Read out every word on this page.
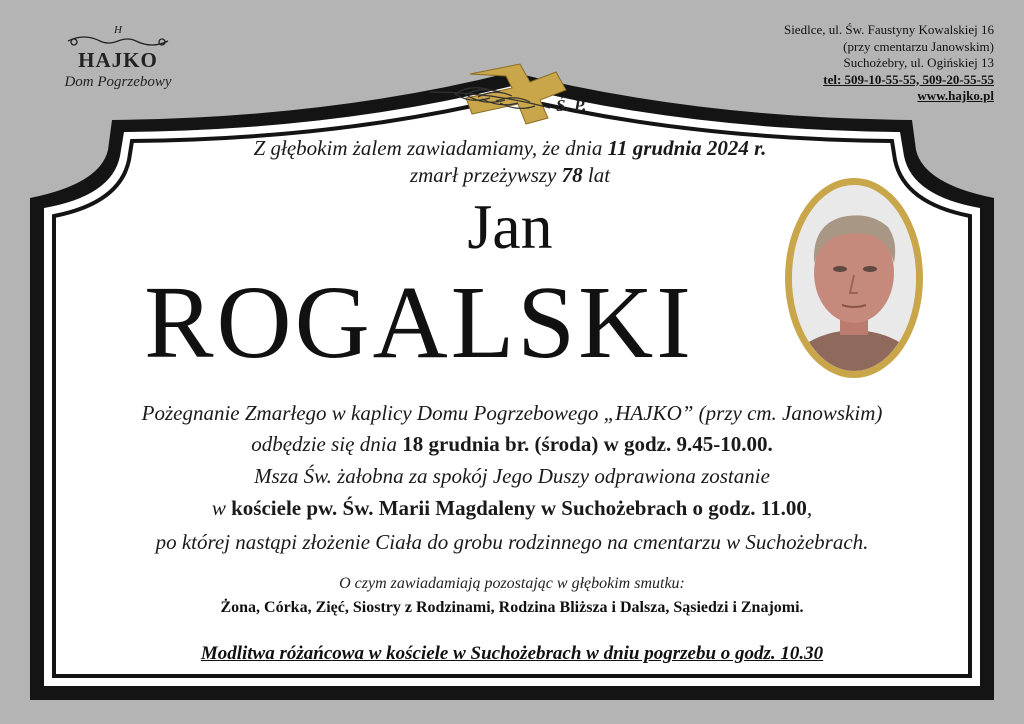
H
HAJKO
Dom Pogrzebowy
Siedlce, ul. Św. Faustyny Kowalskiej 16
(przy cmentarzu Janowskim)
Suchożebry, ul. Ogińskiej 13
tel: 509-10-55-55, 509-20-55-55
www.hajko.pl
Ś. P.
Z głębokim żalem zawiadamiamy, że dnia 11 grudnia 2024 r.
zmarł przeżywszy 78 lat
Jan
ROGALSKI
Pożegnanie Zmarłego w kaplicy Domu Pogrzebowego „HAJKO” (przy cm. Janowskim)
odbędzie się dnia 18 grudnia br. (środa) w godz. 9.45-10.00.
Msza Św. żałobna za spokój Jego Duszy odprawiona zostanie
w kościele pw. Św. Marii Magdaleny w Suchożebrach o godz. 11.00,
po której nastąpi złożenie Ciała do grobu rodzinnego na cmentarzu w Suchożebrach.
O czym zawiadamiają pozostając w głębokim smutku:
Żona, Córka, Zięć, Siostry z Rodzinami, Rodzina Bliższa i Dalsza, Sąsiedzi i Znajomi.
Modlitwa różańcowa w kościele w Suchożebrach w dniu pogrzebu o godz. 10.30
